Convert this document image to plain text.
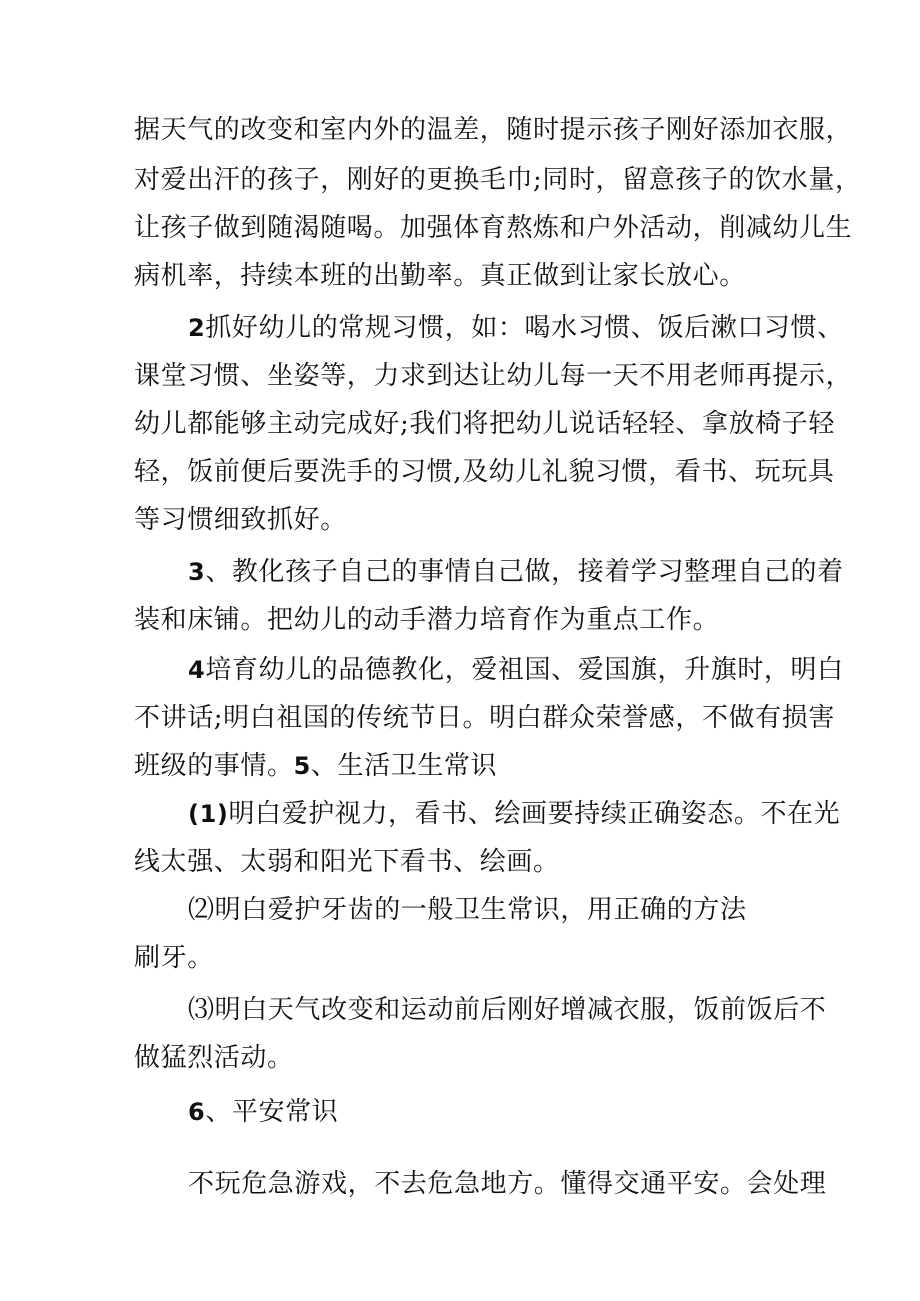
据天气的改变和室内外的温差，随时提示孩子刚好添加衣服，
对爱出汗的孩子，刚好的更换毛巾;同时，留意孩子的饮水量，
让孩子做到随渴随喝。加强体育熬炼和户外活动，削减幼儿生
病机率，持续本班的出勤率。真正做到让家长放心。
2抓好幼儿的常规习惯，如：喝水习惯、饭后漱口习惯、
课堂习惯、坐姿等，力求到达让幼儿每一天不用老师再提示，
幼儿都能够主动完成好;我们将把幼儿说话轻轻、拿放椅子轻
轻，饭前便后要洗手的习惯,及幼儿礼貌习惯，看书、玩玩具
等习惯细致抓好。
3、教化孩子自己的事情自己做，接着学习整理自己的着
装和床铺。把幼儿的动手潜力培育作为重点工作。
4培育幼儿的品德教化，爱祖国、爱国旗，升旗时，明白
不讲话;明白祖国的传统节日。明白群众荣誉感，不做有损害
班级的事情。5、生活卫生常识
(1)明白爱护视力，看书、绘画要持续正确姿态。不在光
线太强、太弱和阳光下看书、绘画。
⑵明白爱护牙齿的一般卫生常识，用正确的方法
刷牙。
⑶明白天气改变和运动前后刚好增减衣服，饭前饭后不
做猛烈活动。
6、平安常识
不玩危急游戏，不去危急地方。懂得交通平安。会处理
